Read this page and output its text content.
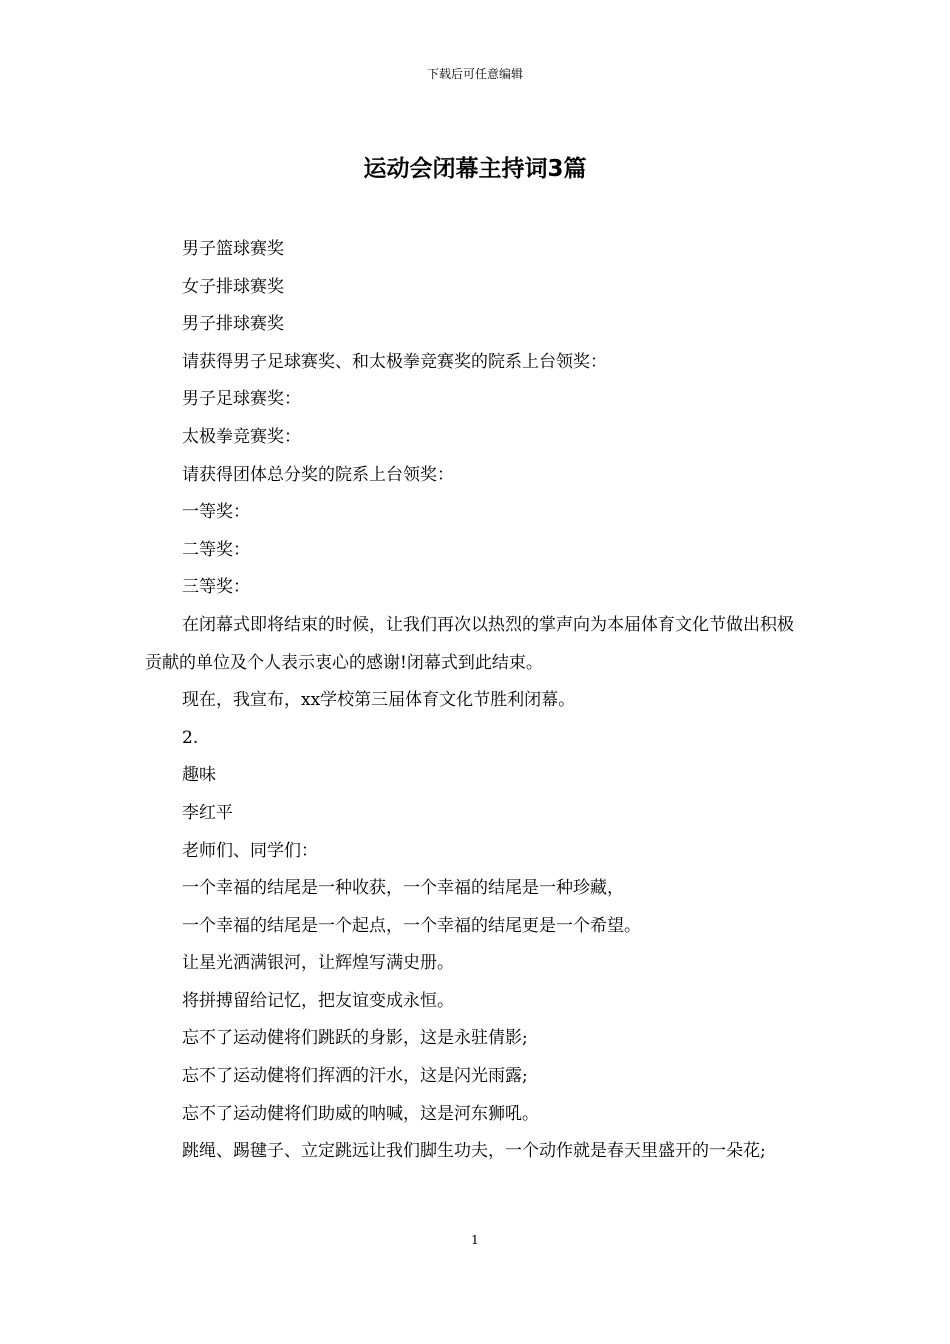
下载后可任意编辑
运动会闭幕主持词3篇

男子篮球赛奖

女子排球赛奖

男子排球赛奖

请获得男子足球赛奖、和太极拳竞赛奖的院系上台领奖：

男子足球赛奖：

太极拳竞赛奖：

请获得团体总分奖的院系上台领奖：

一等奖：

二等奖：

三等奖：

在闭幕式即将结束的时候，让我们再次以热烈的掌声向为本届体育文化节做出积极贡献的单位及个人表示衷心的感谢!闭幕式到此结束。

现在，我宣布，xx学校第三届体育文化节胜利闭幕。

2.

趣味

李红平

老师们、同学们：

一个幸福的结尾是一种收获，一个幸福的结尾是一种珍藏，

一个幸福的结尾是一个起点，一个幸福的结尾更是一个希望。

让星光洒满银河，让辉煌写满史册。

将拼搏留给记忆，把友谊变成永恒。

忘不了运动健将们跳跃的身影，这是永驻倩影;

忘不了运动健将们挥洒的汗水，这是闪光雨露;

忘不了运动健将们助威的呐喊，这是河东狮吼。

跳绳、踢毽子、立定跳远让我们脚生功夫，一个动作就是春天里盛开的一朵花;

1
